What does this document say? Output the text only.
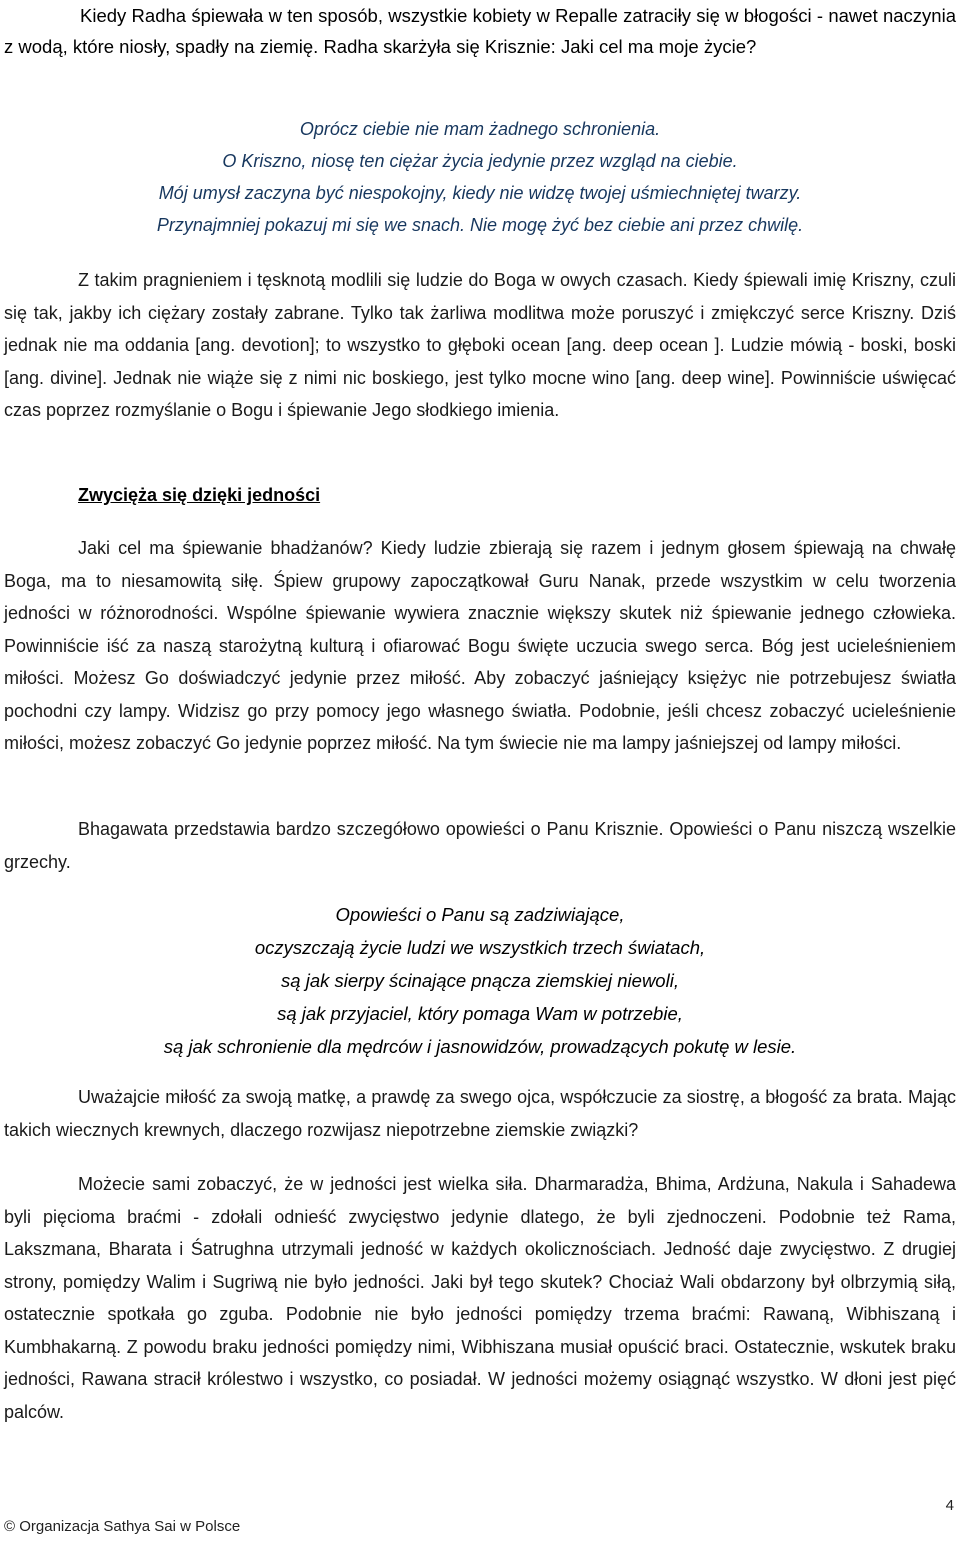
Kiedy Radha śpiewała w ten sposób, wszystkie kobiety w Repalle zatraciły się w błogości - nawet naczynia z wodą, które niosły, spadły na ziemię. Radha skarżyła się Krisznie: Jaki cel ma moje życie?

Oprócz ciebie nie mam żadnego schronienia.
O Kriszno, niosę ten ciężar życia jedynie przez wzgląd na ciebie.
Mój umysł zaczyna być niespokojny, kiedy nie widzę twojej uśmiechniętej twarzy.
Przynajmniej pokazuj mi się we snach. Nie mogę żyć bez ciebie ani przez chwilę.

Z takim pragnieniem i tęsknotą modlili się ludzie do Boga w owych czasach. Kiedy śpiewali imię Kriszny, czuli się tak, jakby ich ciężary zostały zabrane. Tylko tak żarliwa modlitwa może poruszyć i zmiękczyć serce Kriszny. Dziś jednak nie ma oddania [ang. devotion]; to wszystko to głęboki ocean [ang. deep ocean ]. Ludzie mówią - boski, boski [ang. divine]. Jednak nie wiąże się z nimi nic boskiego, jest tylko mocne wino [ang. deep wine]. Powinniście uświęcać czas poprzez rozmyślanie o Bogu i śpiewanie Jego słodkiego imienia.

Zwycięża się dzięki jedności

Jaki cel ma śpiewanie bhadżanów? Kiedy ludzie zbierają się razem i jednym głosem śpiewają na chwałę Boga, ma to niesamowitą siłę. Śpiew grupowy zapoczątkował Guru Nanak, przede wszystkim w celu tworzenia jedności w różnorodności. Wspólne śpiewanie wywiera znacznie większy skutek niż śpiewanie jednego człowieka. Powinniście iść za naszą starożytną kulturą i ofiarować Bogu święte uczucia swego serca. Bóg jest ucieleśnieniem miłości. Możesz Go doświadczyć jedynie przez miłość. Aby zobaczyć jaśniejący księżyc nie potrzebujesz światła pochodni czy lampy. Widzisz go przy pomocy jego własnego światła. Podobnie, jeśli chcesz zobaczyć ucieleśnienie miłości, możesz zobaczyć Go jedynie poprzez miłość. Na tym świecie nie ma lampy jaśniejszej od lampy miłości.

Bhagawata przedstawia bardzo szczegółowo opowieści o Panu Krisznie. Opowieści o Panu niszczą wszelkie grzechy.

Opowieści o Panu są zadziwiające,
oczyszczają życie ludzi we wszystkich trzech światach,
są jak sierpy ścinające pnącza ziemskiej niewoli,
są jak przyjaciel, który pomaga Wam w potrzebie,
są jak schronienie dla mędrców i jasnowidzów, prowadzących pokutę w lesie.

Uważajcie miłość za swoją matkę, a prawdę za swego ojca, współczucie za siostrę, a błogość za brata. Mając takich wiecznych krewnych, dlaczego rozwijasz niepotrzebne ziemskie związki?

Możecie sami zobaczyć, że w jedności jest wielka siła. Dharmaradża, Bhima, Ardżuna, Nakula i Sahadewa byli pięcioma braćmi - zdołali odnieść zwycięstwo jedynie dlatego, że byli zjednoczeni. Podobnie też Rama, Lakszmana, Bharata i Śatrughna utrzymali jedność w każdych okolicznościach. Jedność daje zwycięstwo. Z drugiej strony, pomiędzy Walim i Sugriwą nie było jedności. Jaki był tego skutek? Chociaż Wali obdarzony był olbrzymią siłą, ostatecznie spotkała go zguba. Podobnie nie było jedności pomiędzy trzema braćmi: Rawaną, Wibhiszaną i Kumbhakarną. Z powodu braku jedności pomiędzy nimi, Wibhiszana musiał opuścić braci. Ostatecznie, wskutek braku jedności, Rawana stracił królestwo i wszystko, co posiadał. W jedności możemy osiągnąć wszystko. W dłoni jest pięć palców.

4
© Organizacja Sathya Sai w Polsce
